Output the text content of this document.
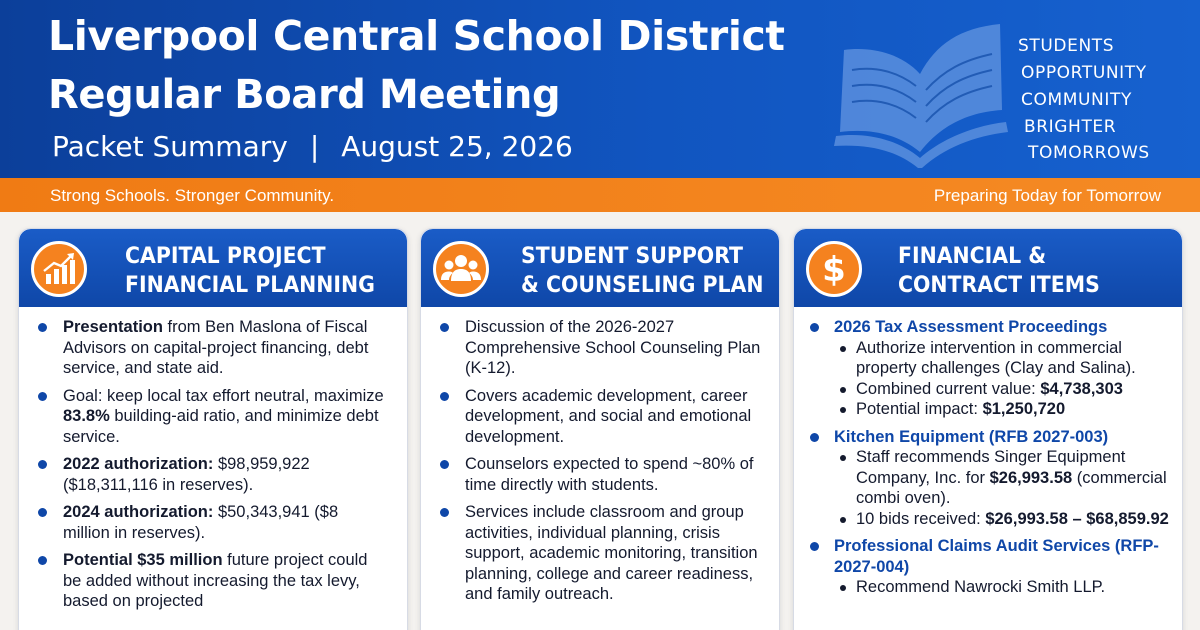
Liverpool Central School District
Regular Board Meeting
Packet Summary | August 25, 2026
STUDENTS
OPPORTUNITY
COMMUNITY
BRIGHTER
TOMORROWS
Strong Schools. Stronger Community.	Preparing Today for Tomorrow
CAPITAL PROJECT
FINANCIAL PLANNING
Presentation from Ben Maslona of Fiscal Advisors on capital-project financing, debt service, and state aid.
Goal: keep local tax effort neutral, maximize 83.8% building-aid ratio, and minimize debt service.
2022 authorization: $98,959,922 ($18,311,116 in reserves).
2024 authorization: $50,343,941 ($8 million in reserves).
Potential $35 million future project could be added without increasing the tax levy, based on projected
STUDENT SUPPORT
& COUNSELING PLAN
Discussion of the 2026-2027 Comprehensive School Counseling Plan (K-12).
Covers academic development, career development, and social and emotional development.
Counselors expected to spend ~80% of time directly with students.
Services include classroom and group activities, individual planning, crisis support, academic monitoring, transition planning, college and career readiness, and family outreach.
$ FINANCIAL &
CONTRACT ITEMS
2026 Tax Assessment Proceedings
Authorize intervention in commercial property challenges (Clay and Salina).
Combined current value: $4,738,303
Potential impact: $1,250,720
Kitchen Equipment (RFB 2027-003)
Staff recommends Singer Equipment Company, Inc. for $26,993.58 (commercial combi oven).
10 bids received: $26,993.58 – $68,859.92
Professional Claims Audit Services (RFP-2027-004)
Recommend Nawrocki Smith LLP.
